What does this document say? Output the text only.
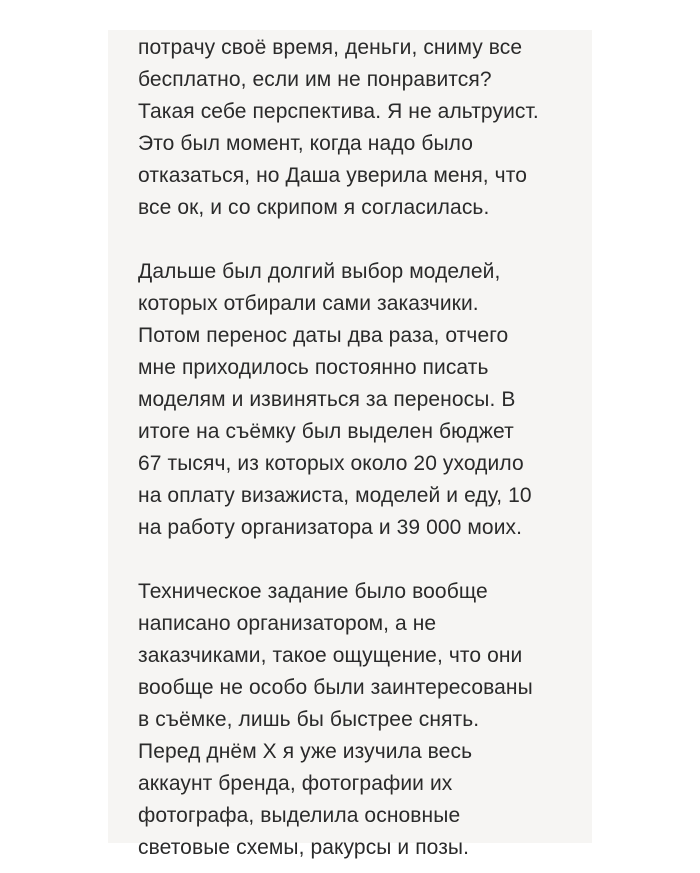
потрачу своё время, деньги, сниму все
бесплатно, если им не понравится?
Такая себе перспектива. Я не альтруист.
Это был момент, когда надо было
отказаться, но Даша уверила меня, что
все ок, и со скрипом я согласилась.
Дальше был долгий выбор моделей,
которых отбирали сами заказчики.
Потом перенос даты два раза, отчего
мне приходилось постоянно писать
моделям и извиняться за переносы. В
итоге на съёмку был выделен бюджет
67 тысяч, из которых около 20 уходило
на оплату визажиста, моделей и еду, 10
на работу организатора и 39 000 моих.
Техническое задание было вообще
написано организатором, а не
заказчиками, такое ощущение, что они
вообще не особо были заинтересованы
в съёмке, лишь бы быстрее снять.
Перед днём Х я уже изучила весь
аккаунт бренда, фотографии их
фотографа, выделила основные
световые схемы, ракурсы и позы.
